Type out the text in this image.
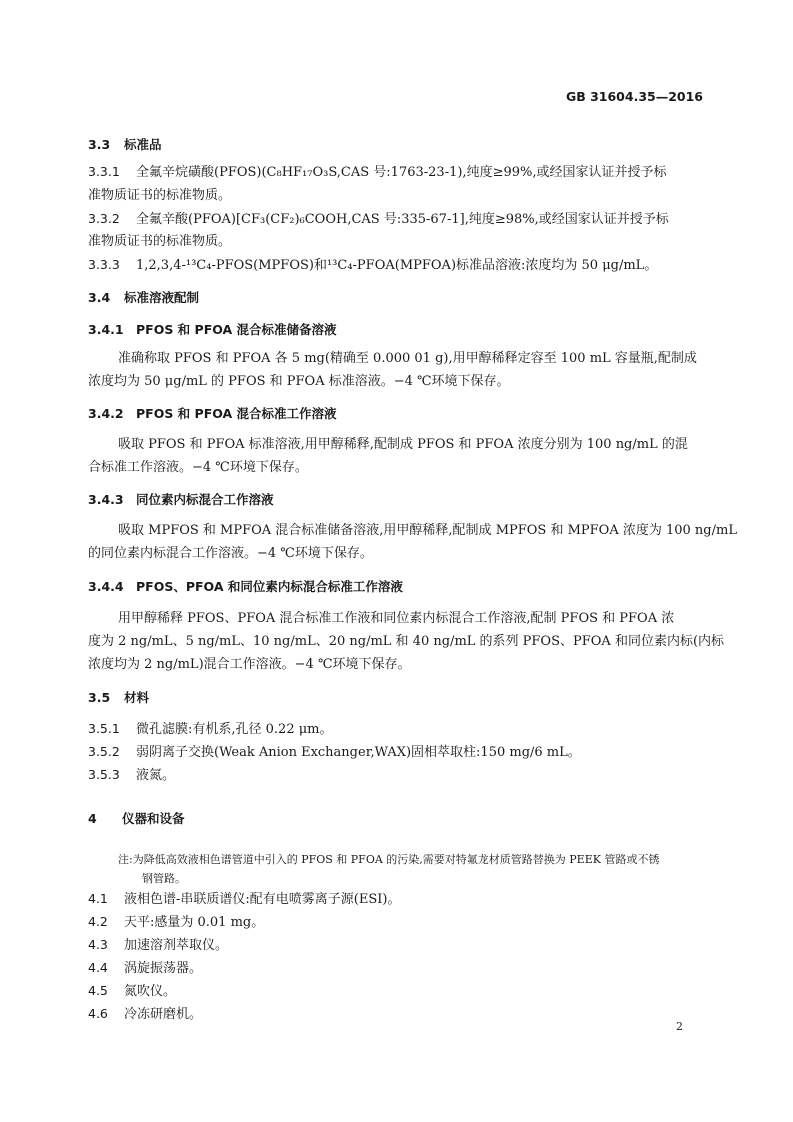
GB 31604.35—2016
3.3 标准品
3.3.1 全氟辛烷磺酸(PFOS)(C₈HF₁₇O₃S,CAS 号:1763-23-1),纯度≥99%,或经国家认证并授予标
准物质证书的标准物质。
3.3.2 全氟辛酸(PFOA)[CF₃(CF₂)₆COOH,CAS 号:335-67-1],纯度≥98%,或经国家认证并授予标
准物质证书的标准物质。
3.3.3 1,2,3,4-¹³C₄-PFOS(MPFOS)和¹³C₄-PFOA(MPFOA)标准品溶液:浓度均为 50 μg/mL。
3.4 标准溶液配制
3.4.1 PFOS 和 PFOA 混合标准储备溶液
准确称取 PFOS 和 PFOA 各 5 mg(精确至 0.000 01 g),用甲醇稀释定容至 100 mL 容量瓶,配制成
浓度均为 50 μg/mL 的 PFOS 和 PFOA 标准溶液。−4 ℃环境下保存。
3.4.2 PFOS 和 PFOA 混合标准工作溶液
吸取 PFOS 和 PFOA 标准溶液,用甲醇稀释,配制成 PFOS 和 PFOA 浓度分别为 100 ng/mL 的混
合标准工作溶液。−4 ℃环境下保存。
3.4.3 同位素内标混合工作溶液
吸取 MPFOS 和 MPFOA 混合标准储备溶液,用甲醇稀释,配制成 MPFOS 和 MPFOA 浓度为 100 ng/mL
的同位素内标混合工作溶液。−4 ℃环境下保存。
3.4.4 PFOS、PFOA 和同位素内标混合标准工作溶液
用甲醇稀释 PFOS、PFOA 混合标准工作液和同位素内标混合工作溶液,配制 PFOS 和 PFOA 浓
度为 2 ng/mL、5 ng/mL、10 ng/mL、20 ng/mL 和 40 ng/mL 的系列 PFOS、PFOA 和同位素内标(内标
浓度均为 2 ng/mL)混合工作溶液。−4 ℃环境下保存。
3.5 材料
3.5.1 微孔滤膜:有机系,孔径 0.22 μm。
3.5.2 弱阴离子交换(Weak Anion Exchanger,WAX)固相萃取柱:150 mg/6 mL。
3.5.3 液氮。
4 仪器和设备
注:为降低高效液相色谱管道中引入的 PFOS 和 PFOA 的污染,需要对特氟龙材质管路替换为 PEEK 管路或不锈
钢管路。
4.1 液相色谱-串联质谱仪:配有电喷雾离子源(ESI)。
4.2 天平:感量为 0.01 mg。
4.3 加速溶剂萃取仪。
4.4 涡旋振荡器。
4.5 氮吹仪。
4.6 冷冻研磨机。
2
